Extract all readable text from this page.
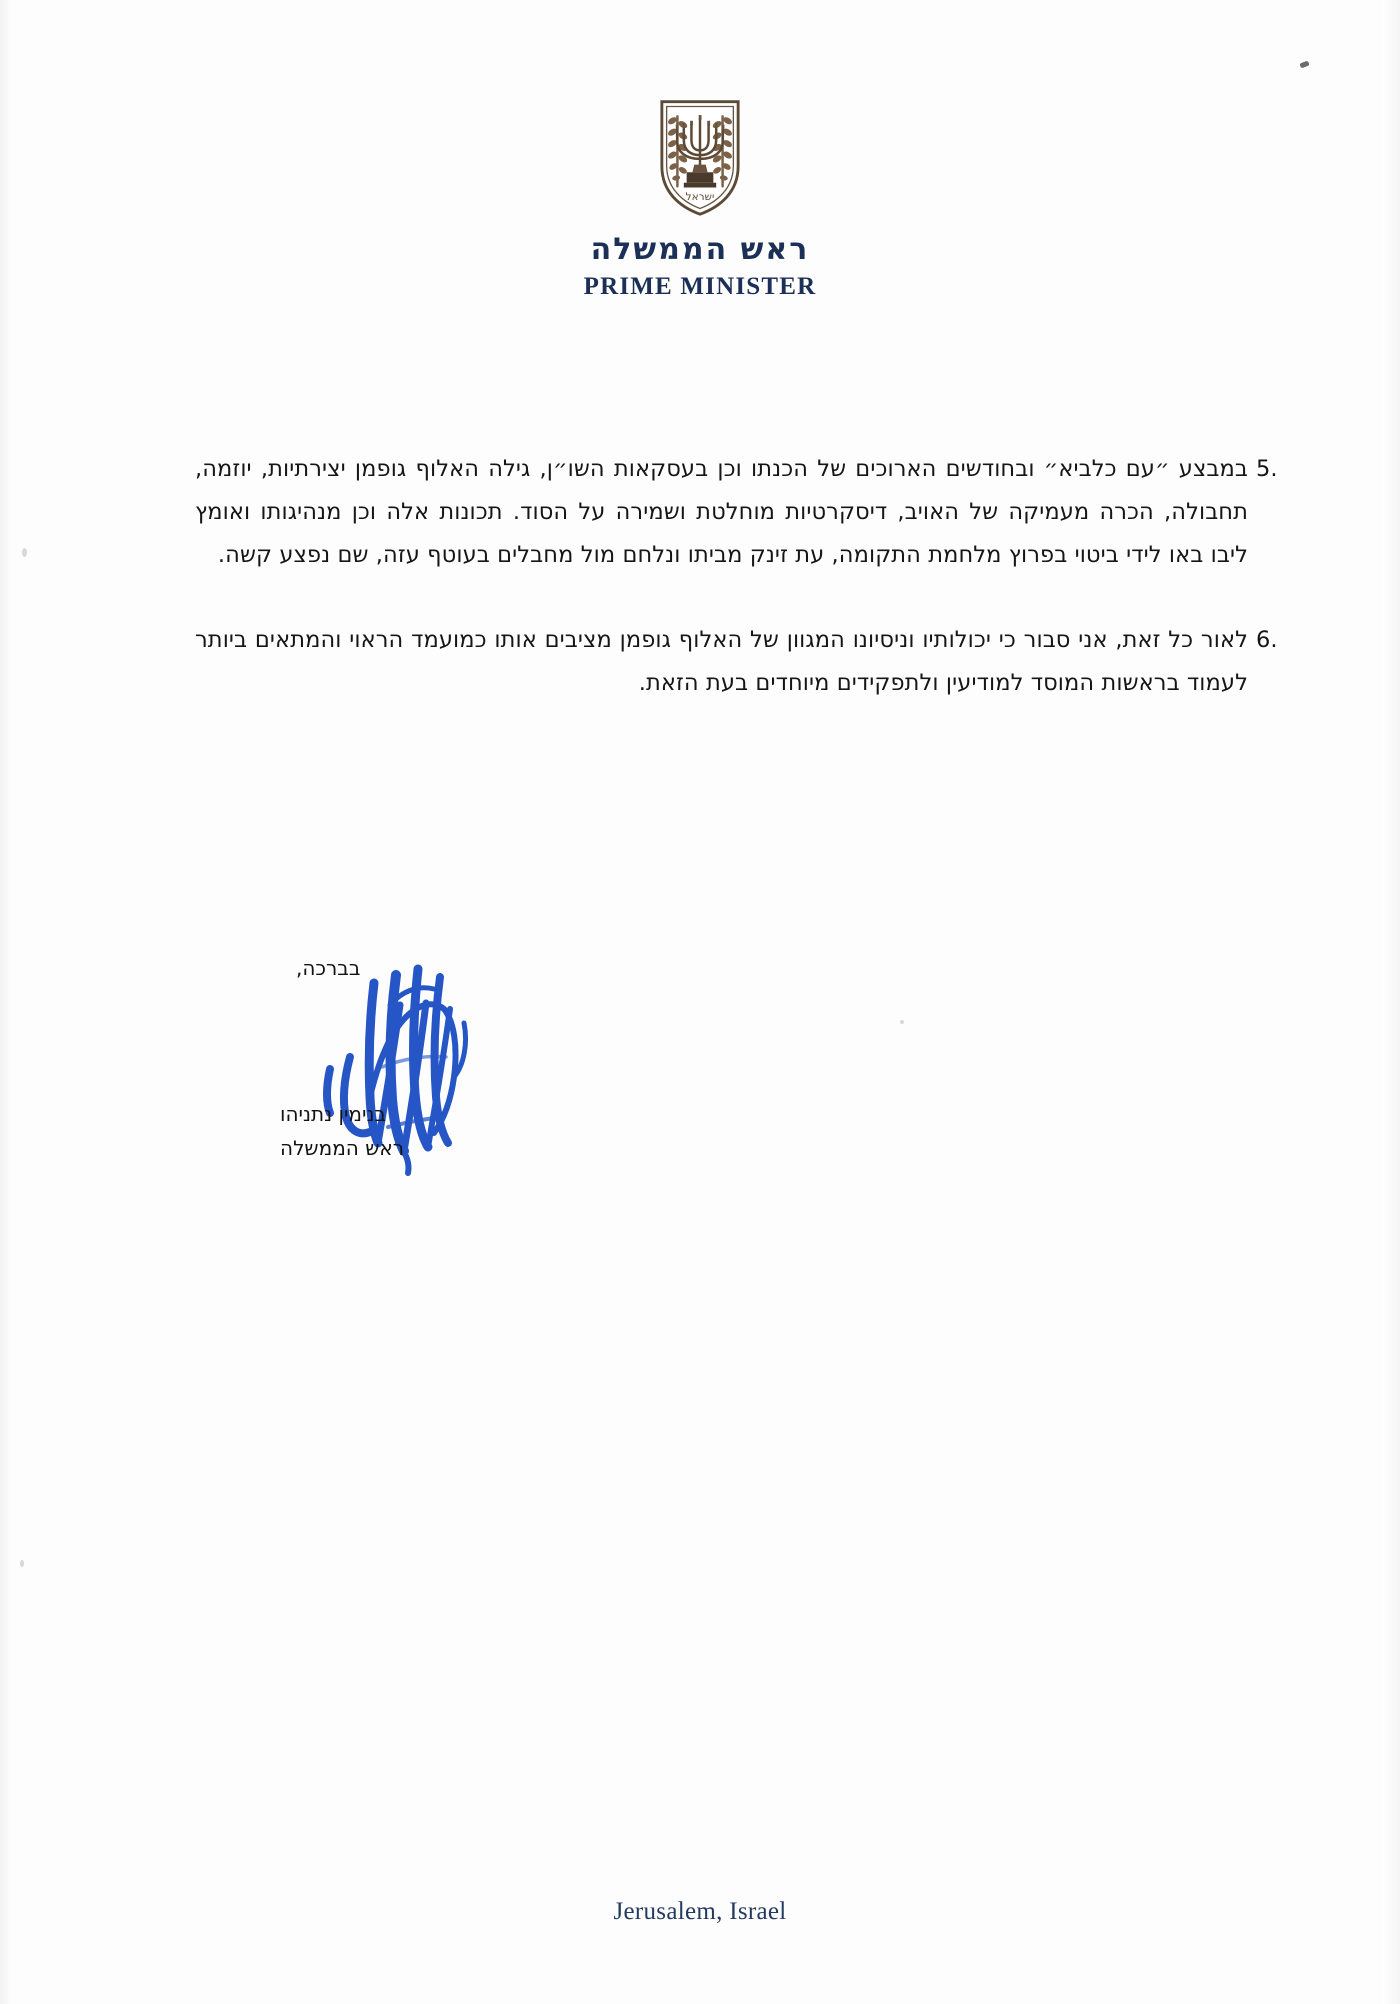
ישראל
ראש הממשלה
PRIME MINISTER
5.
במבצע ״עם כלביא״ ובחודשים הארוכים של הכנתו וכן בעסקאות השו״ן, גילה האלוף גופמן יצירתיות, יוזמה, תחבולה, הכרה מעמיקה של האויב, דיסקרטיות מוחלטת ושמירה על הסוד. תכונות אלה וכן מנהיגותו ואומץ ליבו באו לידי ביטוי בפרוץ מלחמת התקומה, עת זינק מביתו ונלחם מול מחבלים בעוטף עזה, שם נפצע קשה.
6.
לאור כל זאת, אני סבור כי יכולותיו וניסיונו המגוון של האלוף גופמן מציבים אותו כמועמד הראוי והמתאים ביותר לעמוד בראשות המוסד למודיעין ולתפקידים מיוחדים בעת הזאת.
בברכה,
בנימין נתניהו
ראש הממשלה
Jerusalem, Israel
